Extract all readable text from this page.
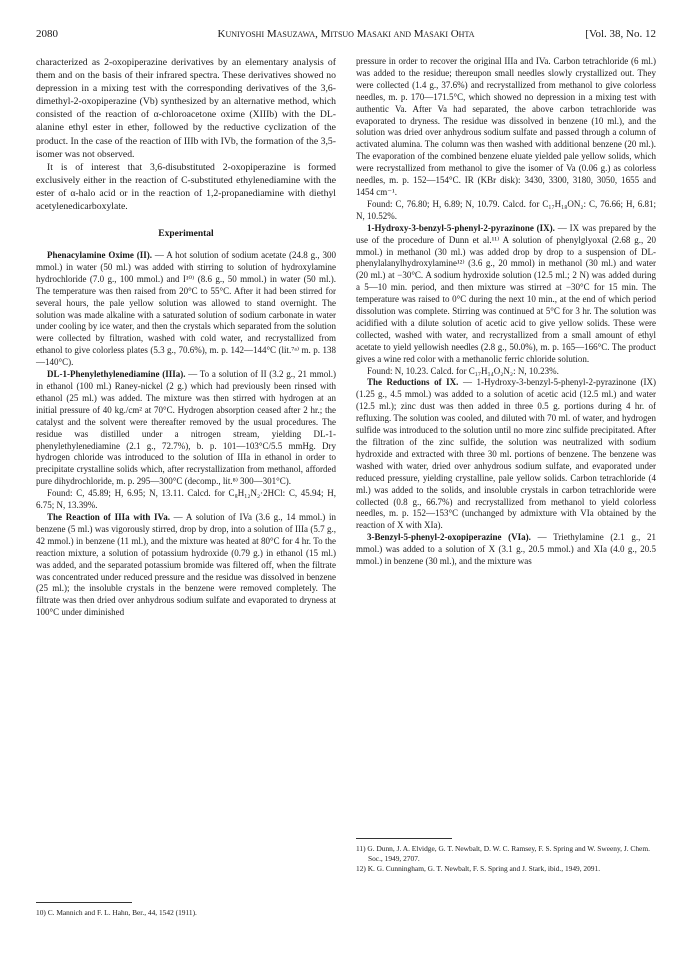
2080	Kuniyoshi Masuzawa, Mitsuo Masaki and Masaki Ohta	[Vol. 38, No. 12

characterized as 2-oxopiperazine derivatives by an elementary analysis of them and on the basis of their infrared spectra. These derivatives showed no depression in a mixing test with the corresponding derivatives of the 3,6-dimethyl-2-oxopiperazine (Vb) synthesized by an alternative method, which consisted of the reaction of α-chloroacetone oxime (XIIIb) with the DL-alanine ethyl ester in ether, followed by the reductive cyclization of the product. In the case of the reaction of IIIb with IVb, the formation of the 3,5-isomer was not observed.

It is of interest that 3,6-disubstituted 2-oxopiperazine is formed exclusively either in the reaction of C-substituted ethylenediamine with the ester of α-halo acid or in the reaction of 1,2-propanediamine with diethyl acetylenedicarboxylate.

Experimental

Phenacylamine Oxime (II). — A hot solution of sodium acetate (24.8 g., 300 mmol.) in water (50 ml.) was added with stirring to solution of hydroxylamine hydrochloride (7.0 g., 100 mmol.) and I¹⁰⁾ (8.6 g., 50 mmol.) in water (50 ml.). The temperature was then raised from 20°C to 55°C. After it had been stirred for several hours, the pale yellow solution was allowed to stand overnight. The solution was made alkaline with a saturated solution of sodium carbonate in water under cooling by ice water, and then the crystals which separated from the solution were collected by filtration, washed with cold water, and recrystallized from ethanol to give colorless plates (5.3 g., 70.6%), m. p. 142—144°C (lit.⁷ᵃ⁾ m. p. 138—140°C).

DL-1-Phenylethylenediamine (IIIa). — To a solution of II (3.2 g., 21 mmol.) in ethanol (100 ml.) Raney-nickel (2 g.) which had previously been rinsed with ethanol (25 ml.) was added. The mixture was then stirred with hydrogen at an initial pressure of 40 kg./cm² at 70°C. Hydrogen absorption ceased after 2 hr.; the catalyst and the solvent were thereafter removed by the usual procedures. The residue was distilled under a nitrogen stream, yielding DL-1-phenylethylenediamine (2.1 g., 72.7%), b. p. 101—103°C/5.5 mmHg. Dry hydrogen chloride was introduced to the solution of IIIa in ethanol in order to precipitate crystalline solids which, after recrystallization from methanol, afforded pure dihydrochloride, m. p. 295—300°C (decomp., lit.⁸⁾ 300—301°C).

Found: C, 45.89; H, 6.95; N, 13.11. Calcd. for C₈H₁₂N₂·2HCl: C, 45.94; H, 6.75; N, 13.39%.

The Reaction of IIIa with IVa. — A solution of IVa (3.6 g., 14 mmol.) in benzene (5 ml.) was vigorously stirred, drop by drop, into a solution of IIIa (5.7 g., 42 mmol.) in benzene (11 ml.), and the mixture was heated at 80°C for 4 hr. To the reaction mixture, a solution of potassium hydroxide (0.79 g.) in ethanol (15 ml.) was added, and the separated potassium bromide was filtered off, when the filtrate was concentrated under reduced pressure and the residue was dissolved in benzene (25 ml.); the insoluble crystals in the benzene were removed completely. The filtrate was then dried over anhydrous sodium sulfate and evaporated to dryness at 100°C under diminished

pressure in order to recover the original IIIa and IVa. Carbon tetrachloride (6 ml.) was added to the residue; thereupon small needles slowly crystallized out. They were collected (1.4 g., 37.6%) and recrystallized from methanol to give colorless needles, m. p. 170—171.5°C, which showed no depression in a mixing test with authentic Va. After Va had separated, the above carbon tetrachloride was evaporated to dryness. The residue was dissolved in benzene (10 ml.), and the solution was dried over anhydrous sodium sulfate and passed through a column of activated alumina. The column was then washed with additional benzene (20 ml.). The evaporation of the combined benzene eluate yielded pale yellow solids, which were recrystallized from methanol to give the isomer of Va (0.06 g.) as colorless needles, m. p. 152—154°C. IR (KBr disk): 3430, 3300, 3180, 3050, 1655 and 1454 cm⁻¹.

Found: C, 76.80; H, 6.89; N, 10.79. Calcd. for C₁₇H₁₈ON₂: C, 76.66; H, 6.81; N, 10.52%.

1-Hydroxy-3-benzyl-5-phenyl-2-pyrazinone (IX). — IX was prepared by the use of the procedure of Dunn et al.¹¹⁾ A solution of phenylglyoxal (2.68 g., 20 mmol.) in methanol (30 ml.) was added drop by drop to a suspension of DL-phenylalanylhydroxylamine¹²⁾ (3.6 g., 20 mmol) in methanol (30 ml.) and water (20 ml.) at −30°C. A sodium hydroxide solution (12.5 ml.; 2 N) was added during a 5—10 min. period, and then mixture was stirred at −30°C for 15 min. The temperature was raised to 0°C during the next 10 min., at the end of which period dissolution was complete. Stirring was continued at 5°C for 3 hr. The solution was acidified with a dilute solution of acetic acid to give yellow solids. These were collected, washed with water, and recrystallized from a small amount of ethyl acetate to yield yellowish needles (2.8 g., 50.0%), m. p. 165—166°C. The product gives a wine red color with a methanolic ferric chloride solution.

Found: N, 10.23. Calcd. for C₁₇H₁₄O₂N₂: N, 10.23%.

The Reductions of IX. — 1-Hydroxy-3-benzyl-5-phenyl-2-pyrazinone (IX) (1.25 g., 4.5 mmol.) was added to a solution of acetic acid (12.5 ml.) and water (12.5 ml.); zinc dust was then added in three 0.5 g. portions during 4 hr. of refluxing. The solution was cooled, and diluted with 70 ml. of water, and hydrogen sulfide was introduced to the solution until no more zinc sulfide precipitated. After the filtration of the zinc sulfide, the solution was neutralized with sodium hydroxide and extracted with three 30 ml. portions of benzene. The benzene was washed with water, dried over anhydrous sodium sulfate, and evaporated under reduced pressure, yielding crystalline, pale yellow solids. Carbon tetrachloride (4 ml.) was added to the solids, and insoluble crystals in carbon tetrachloride were collected (0.8 g., 66.7%) and recrystallized from methanol to yield colorless needles, m. p. 152—153°C (unchanged by admixture with VIa obtained by the reaction of X with XIa).

3-Benzyl-5-phenyl-2-oxopiperazine (VIa). — Triethylamine (2.1 g., 21 mmol.) was added to a solution of X (3.1 g., 20.5 mmol.) and XIa (4.0 g., 20.5 mmol.) in benzene (30 ml.), and the mixture was

11) G. Dunn, J. A. Elvidge, G. T. Newbalt, D. W. C. Ramsey, F. S. Spring and W. Sweeny, J. Chem. Soc., 1949, 2707.

12) K. G. Cunningham, G. T. Newbalt, F. S. Spring and J. Stark, ibid., 1949, 2091.

10) C. Mannich and F. L. Hahn, Ber., 44, 1542 (1911).
